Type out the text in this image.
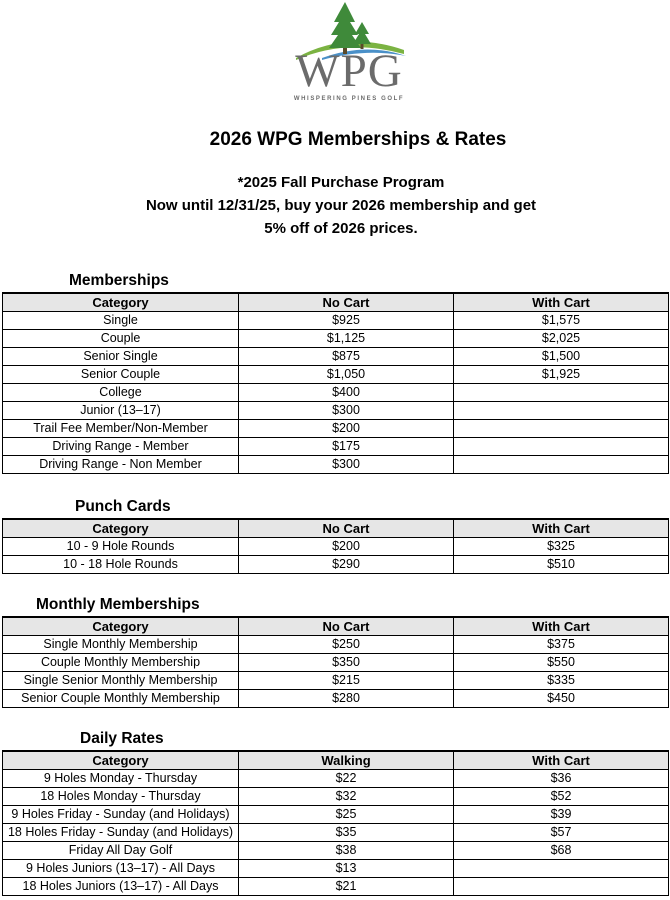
WPG
WHISPERING PINES GOLF
2026 WPG Memberships & Rates
*2025 Fall Purchase Program
Now until 12/31/25, buy your 2026 membership and get
5% off of 2026 prices.
Memberships
Category	No Cart	With Cart
Single	$925	$1,575
Couple	$1,125	$2,025
Senior Single	$875	$1,500
Senior Couple	$1,050	$1,925
College	$400	
Junior (13–17)	$300	
Trail Fee Member/Non-Member	$200	
Driving Range - Member	$175	
Driving Range - Non Member	$300	
Punch Cards
Category	No Cart	With Cart
10 - 9 Hole Rounds	$200	$325
10 - 18 Hole Rounds	$290	$510
Monthly Memberships
Category	No Cart	With Cart
Single Monthly Membership	$250	$375
Couple Monthly Membership	$350	$550
Single Senior Monthly Membership	$215	$335
Senior Couple Monthly Membership	$280	$450
Daily Rates
Category	Walking	With Cart
9 Holes Monday - Thursday	$22	$36
18 Holes Monday - Thursday	$32	$52
9 Holes Friday - Sunday (and Holidays)	$25	$39
18 Holes Friday - Sunday (and Holidays)	$35	$57
Friday All Day Golf	$38	$68
9 Holes Juniors (13–17) - All Days	$13	
18 Holes Juniors (13–17) - All Days	$21	
